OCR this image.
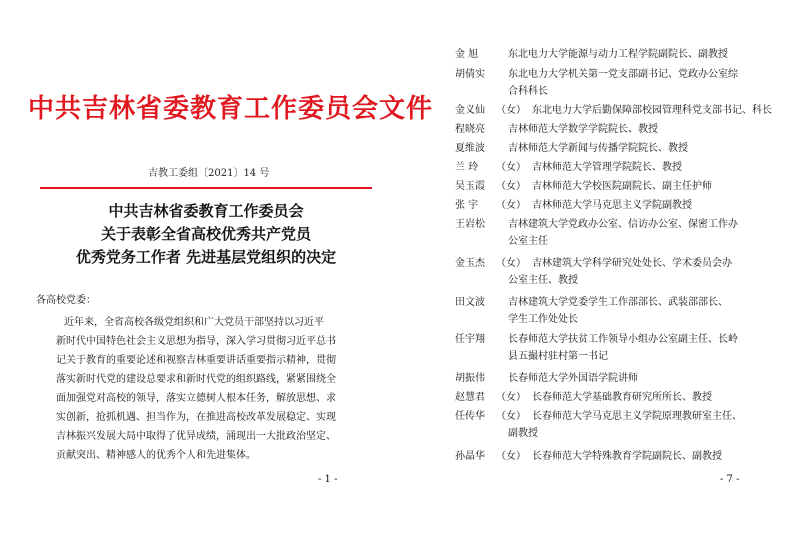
中共吉林省委教育工作委员会文件
吉教工委组〔2021〕14 号
中共吉林省委教育工作委员会
关于表彰全省高校优秀共产党员
优秀党务工作者 先进基层党组织的决定
各高校党委：
近年来，全省高校各级党组织和广大党员干部坚持以习近平
新时代中国特色社会主义思想为指导，深入学习贯彻习近平总书
记关于教育的重要论述和视察吉林重要讲话重要指示精神，贯彻
落实新时代党的建设总要求和新时代党的组织路线，紧紧围绕全
面加强党对高校的领导，落实立德树人根本任务，解放思想、求
实创新，抢抓机遇、担当作为，在推进高校改革发展稳定、实现
吉林振兴发展大局中取得了优异成绩，涌现出一大批政治坚定、
贡献突出、精神感人的优秀个人和先进集体。
- 1 -
金 旭	东北电力大学能源与动力工程学院副院长、副教授
胡倩实 东北电力大学机关第一党支部副书记、党政办公室综
合科科长
金义仙 （女） 东北电力大学后勤保障部校园管理科党支部书记、科长
程晓亮 吉林师范大学数学学院院长、教授
夏维波 吉林师范大学新闻与传播学院院长、教授
兰 玲 （女） 吉林师范大学管理学院院长、教授
吴玉霞 （女） 吉林师范大学校医院副院长、副主任护师
张 宇 （女） 吉林师范大学马克思主义学院副教授
王岩松 吉林建筑大学党政办公室、信访办公室、保密工作办
公室主任
金玉杰 （女） 吉林建筑大学科学研究处处长、学术委员会办
公室主任、教授
田文波 吉林建筑大学党委学生工作部部长、武装部部长、
学生工作处处长
任宇翔 长春师范大学扶贫工作领导小组办公室副主任、长岭
县五撮村驻村第一书记
胡振伟 长春师范大学外国语学院讲师
赵慧君 （女） 长春师范大学基础教育研究所所长、教授
任传华 （女） 长春师范大学马克思主义学院原理教研室主任、
副教授
孙晶华 （女） 长春师范大学特殊教育学院副院长、副教授
- 7 -
